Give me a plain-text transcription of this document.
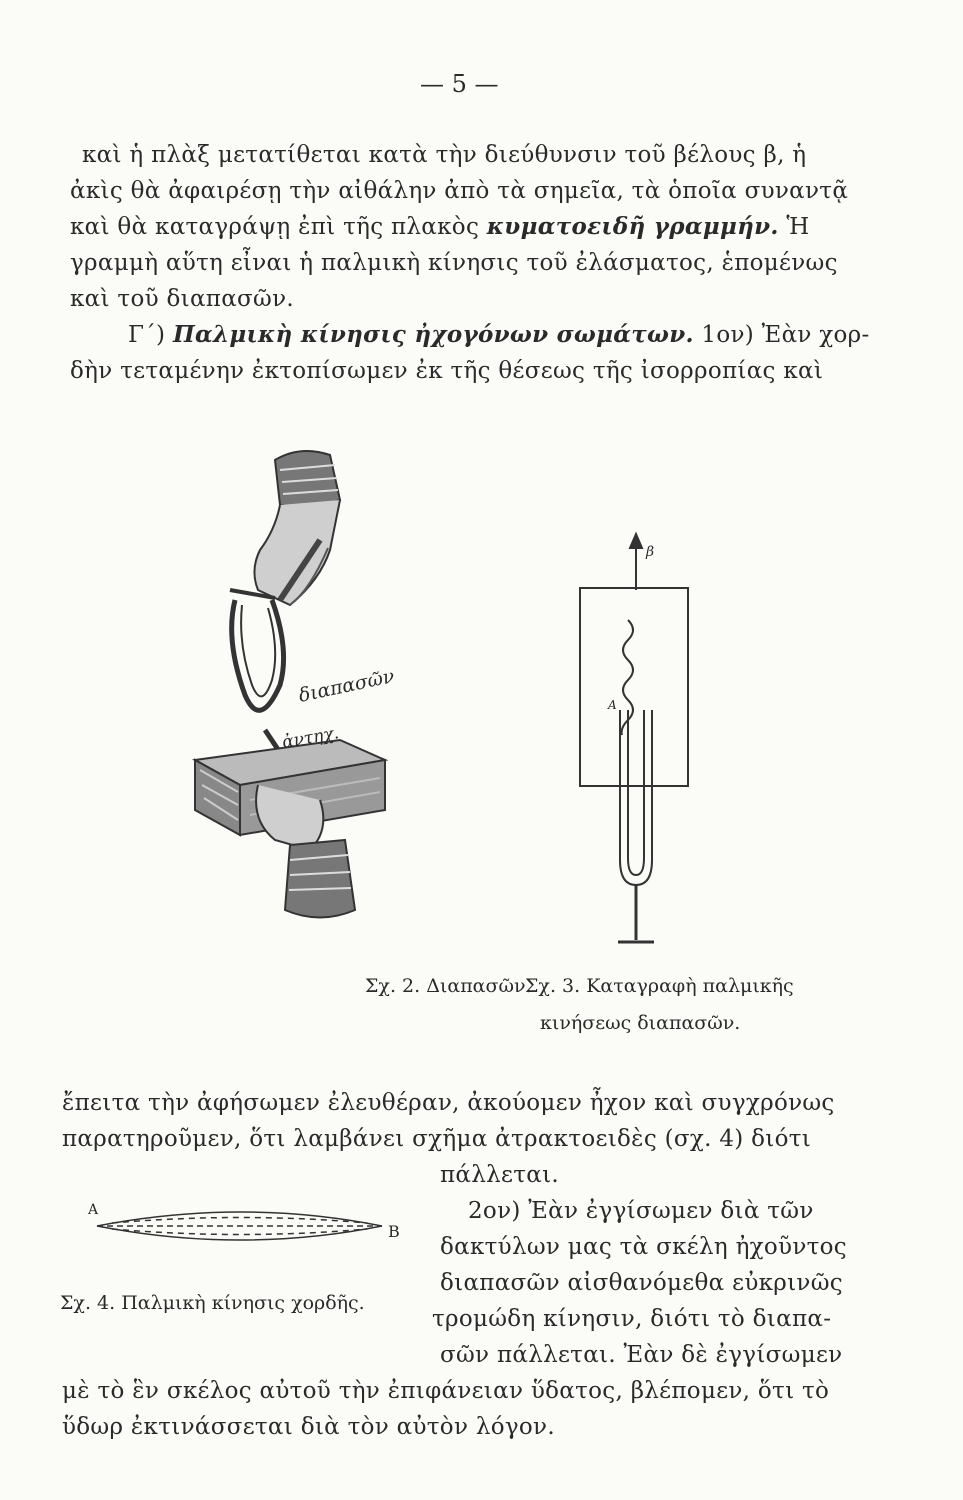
— 5 —
καὶ ἡ πλὰξ μετατίθεται κατὰ τὴν διεύθυνσιν τοῦ βέλους β, ἡ
ἀκὶς θὰ ἀφαιρέσῃ τὴν αἰθάλην ἀπὸ τὰ σημεῖα, τὰ ὁποῖα συναντᾷ
καὶ θὰ καταγράψῃ ἐπὶ τῆς πλακὸς κυματοειδῆ γραμμήν. Ἡ
γραμμὴ αὕτη εἶναι ἡ παλμικὴ κίνησις τοῦ ἐλάσματος, ἑπομένως
καὶ τοῦ διαπασῶν.
Γ΄) Παλμικὴ κίνησις ἠχογόνων σωμάτων. 1ον) Ἐὰν χορ-
δὴν τεταμένην ἐκτοπίσωμεν ἐκ τῆς θέσεως τῆς ἰσορροπίας καὶ
διαπασῶν
ἀντηχ.
Σχ. 2. Διαπασῶν.
β
Α
Σχ. 3. Καταγραφὴ παλμικῆς
κινήσεως διαπασῶν.
ἔπειτα τὴν ἀφήσωμεν ἐλευθέραν, ἀκούομεν ἦχον καὶ συγχρόνως
παρατηροῦμεν, ὅτι λαμβάνει σχῆμα ἀτρακτοειδὲς (σχ. 4) διότι
πάλλεται.
Α
Β
Σχ. 4. Παλμικὴ κίνησις χορδῆς.
2ον) Ἐὰν ἐγγίσωμεν διὰ τῶν
δακτύλων μας τὰ σκέλη ἠχοῦντος
διαπασῶν αἰσθανόμεθα εὐκρινῶς
τρομώδη κίνησιν, διότι τὸ διαπα-
σῶν πάλλεται. Ἐὰν δὲ ἐγγίσωμεν
μὲ τὸ ἓν σκέλος αὐτοῦ τὴν ἐπιφάνειαν ὕδατος, βλέπομεν, ὅτι τὸ
ὕδωρ ἐκτινάσσεται διὰ τὸν αὐτὸν λόγον.
